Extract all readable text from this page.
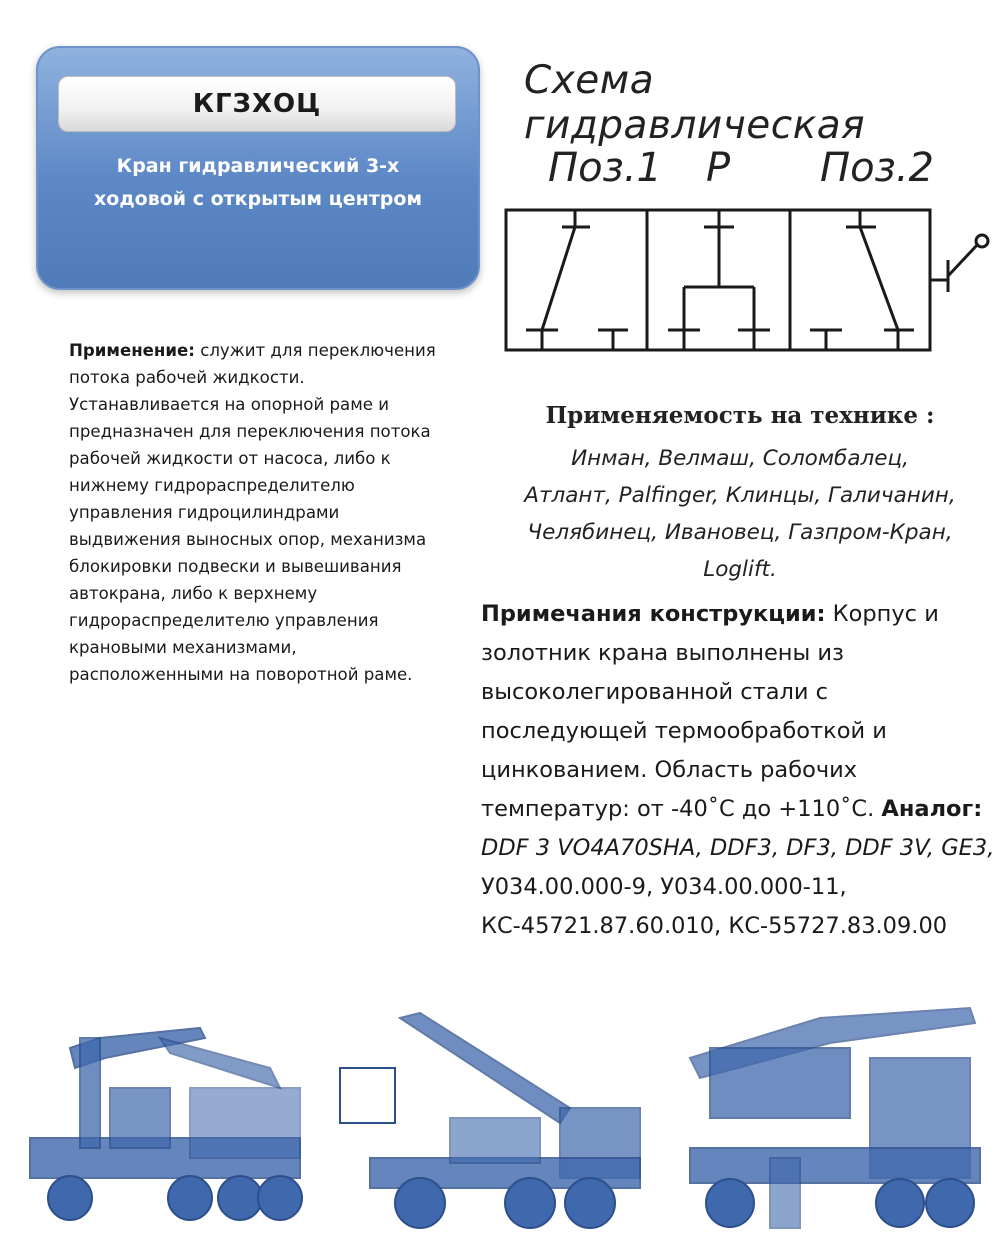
КГЗХОЦ
Кран гидравлический 3-х
ходовой с открытым центром
Схема гидравлическая
Поз.1 Р Поз.2
Применение: служит для переключения потока рабочей жидкости. Устанавливается на опорной раме и предназначен для переключения потока рабочей жидкости от насоса, либо к нижнему гидрораспределителю управления гидроцилиндрами выдвижения выносных опор, механизма блокировки подвески и вывешивания автокрана, либо к верхнему гидрораспределителю управления крановыми механизмами, расположенными на поворотной раме.
Применяемость на технике :
Инман, Велмаш, Соломбалец,
Атлант, Palfinger, Клинцы, Галичанин,
Челябинец, Ивановец, Газпром-Кран,
Loglift.
Примечания конструкции: Корпус и золотник крана выполнены из высоколегированной стали с последующей термообработкой и цинкованием. Область рабочих температур: от -40˚С до +110˚С. Аналог: DDF 3 VO4A70SHA, DDF3, DF3, DDF 3V, GE3, У034.00.000-9, У034.00.000-11, КС-45721.87.60.010, КС-55727.83.09.00
